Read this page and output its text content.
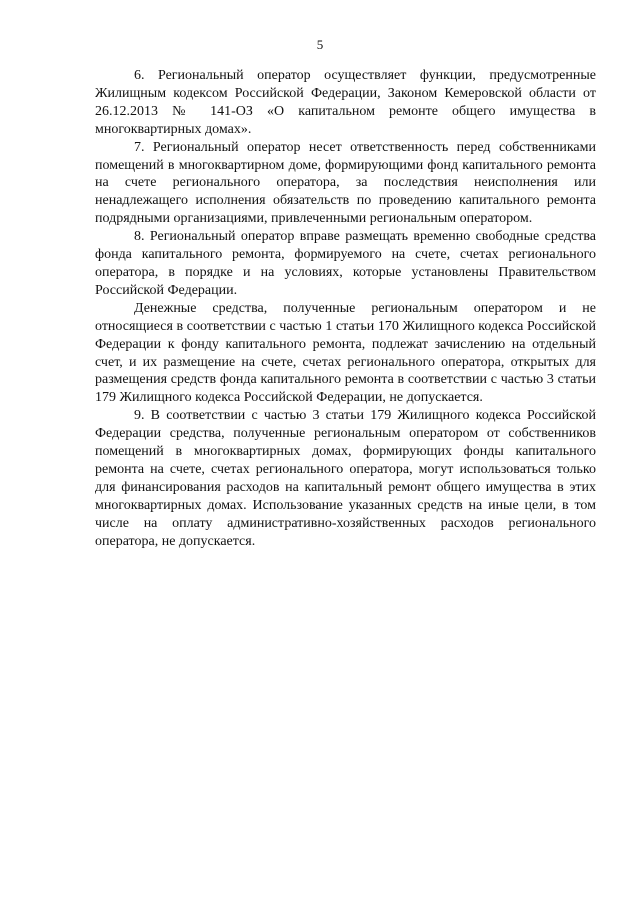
5

6. Региональный оператор осуществляет функции, предусмотренные Жилищным кодексом Российской Федерации, Законом Кемеровской области от 26.12.2013 № 141-ОЗ «О капитальном ремонте общего имущества в многоквартирных домах».

7. Региональный оператор несет ответственность перед собственниками помещений в многоквартирном доме, формирующими фонд капитального ремонта на счете регионального оператора, за последствия неисполнения или ненадлежащего исполнения обязательств по проведению капитального ремонта подрядными организациями, привлеченными региональным оператором.

8. Региональный оператор вправе размещать временно свободные средства фонда капитального ремонта, формируемого на счете, счетах регионального оператора, в порядке и на условиях, которые установлены Правительством Российской Федерации.

Денежные средства, полученные региональным оператором и не относящиеся в соответствии с частью 1 статьи 170 Жилищного кодекса Российской Федерации к фонду капитального ремонта, подлежат зачислению на отдельный счет, и их размещение на счете, счетах регионального оператора, открытых для размещения средств фонда капитального ремонта в соответствии с частью 3 статьи 179 Жилищного кодекса Российской Федерации, не допускается.

9. В соответствии с частью 3 статьи 179 Жилищного кодекса Российской Федерации средства, полученные региональным оператором от собственников помещений в многоквартирных домах, формирующих фонды капитального ремонта на счете, счетах регионального оператора, могут использоваться только для финансирования расходов на капитальный ремонт общего имущества в этих многоквартирных домах. Использование указанных средств на иные цели, в том числе на оплату административно-хозяйственных расходов регионального оператора, не допускается.
